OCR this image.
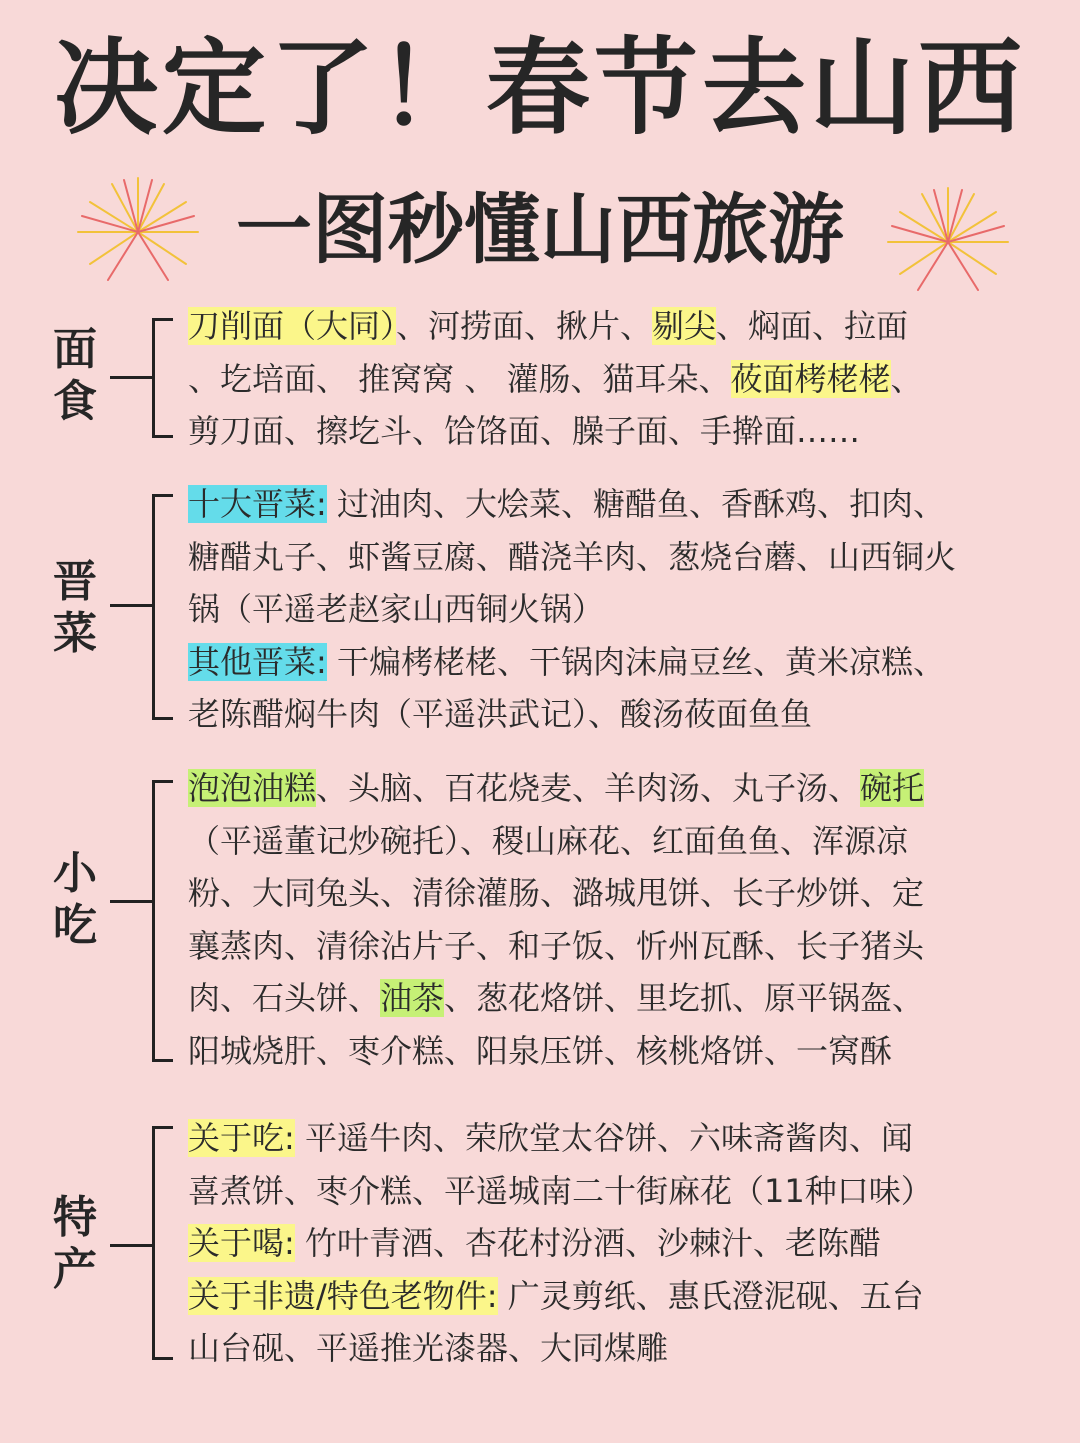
决定了！春节去山西
一图秒懂山西旅游
面
食
刀削面（大同）、河捞面、揪片、剔尖、焖面、拉面
、圪培面、 推窝窝 、 灌肠、猫耳朵、莜面栲栳栳、
剪刀面、擦圪斗、饸饹面、臊子面、手擀面……
晋
菜
十大晋菜: 过油肉、大烩菜、糖醋鱼、香酥鸡、扣肉、
糖醋丸子、虾酱豆腐、醋浇羊肉、葱烧台蘑、山西铜火
锅（平遥老赵家山西铜火锅）
其他晋菜: 干煸栲栳栳、干锅肉沫扁豆丝、黄米凉糕、
老陈醋焖牛肉（平遥洪武记）、酸汤莜面鱼鱼
小
吃
泡泡油糕、头脑、百花烧麦、羊肉汤、丸子汤、碗托
（平遥董记炒碗托）、稷山麻花、红面鱼鱼、浑源凉
粉、大同兔头、清徐灌肠、潞城甩饼、长子炒饼、定
襄蒸肉、清徐沾片子、和子饭、忻州瓦酥、长子猪头
肉、石头饼、油茶、葱花烙饼、里圪抓、原平锅盔、
阳城烧肝、枣介糕、阳泉压饼、核桃烙饼、一窝酥
特
产
关于吃: 平遥牛肉、荣欣堂太谷饼、六味斋酱肉、闻
喜煮饼、枣介糕、平遥城南二十街麻花（11种口味）
关于喝: 竹叶青酒、杏花村汾酒、沙棘汁、老陈醋
关于非遗/特色老物件: 广灵剪纸、惠氏澄泥砚、五台
山台砚、平遥推光漆器、大同煤雕
